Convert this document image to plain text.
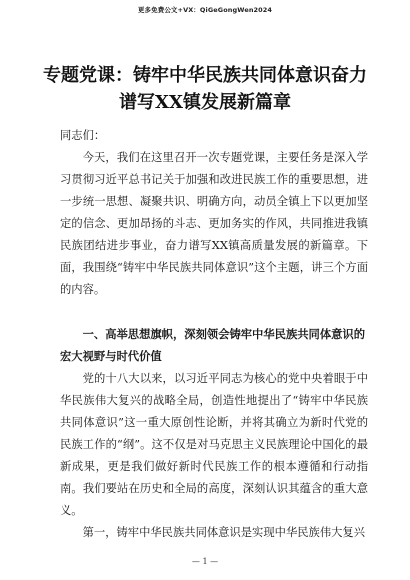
更多免费公文+VX：QiGeGongWen2024
专题党课：铸牢中华民族共同体意识奋力谱写XX镇发展新篇章
同志们：
今天，我们在这里召开一次专题党课，主要任务是深入学习贯彻习近平总书记关于加强和改进民族工作的重要思想，进一步统一思想、凝聚共识、明确方向，动员全镇上下以更加坚定的信念、更加昂扬的斗志、更加务实的作风，共同推进我镇民族团结进步事业，奋力谱写XX镇高质量发展的新篇章。下面，我围绕“铸牢中华民族共同体意识”这个主题，讲三个方面的内容。
一、高举思想旗帜，深刻领会铸牢中华民族共同体意识的宏大视野与时代价值
党的十八大以来，以习近平同志为核心的党中央着眼于中华民族伟大复兴的战略全局，创造性地提出了“铸牢中华民族共同体意识”这一重大原创性论断，并将其确立为新时代党的民族工作的“纲”。这不仅是对马克思主义民族理论中国化的最新成果，更是我们做好新时代民族工作的根本遵循和行动指南。我们要站在历史和全局的高度，深刻认识其蕴含的重大意义。
第一，铸牢中华民族共同体意识是实现中华民族伟大复兴
— 1 —
